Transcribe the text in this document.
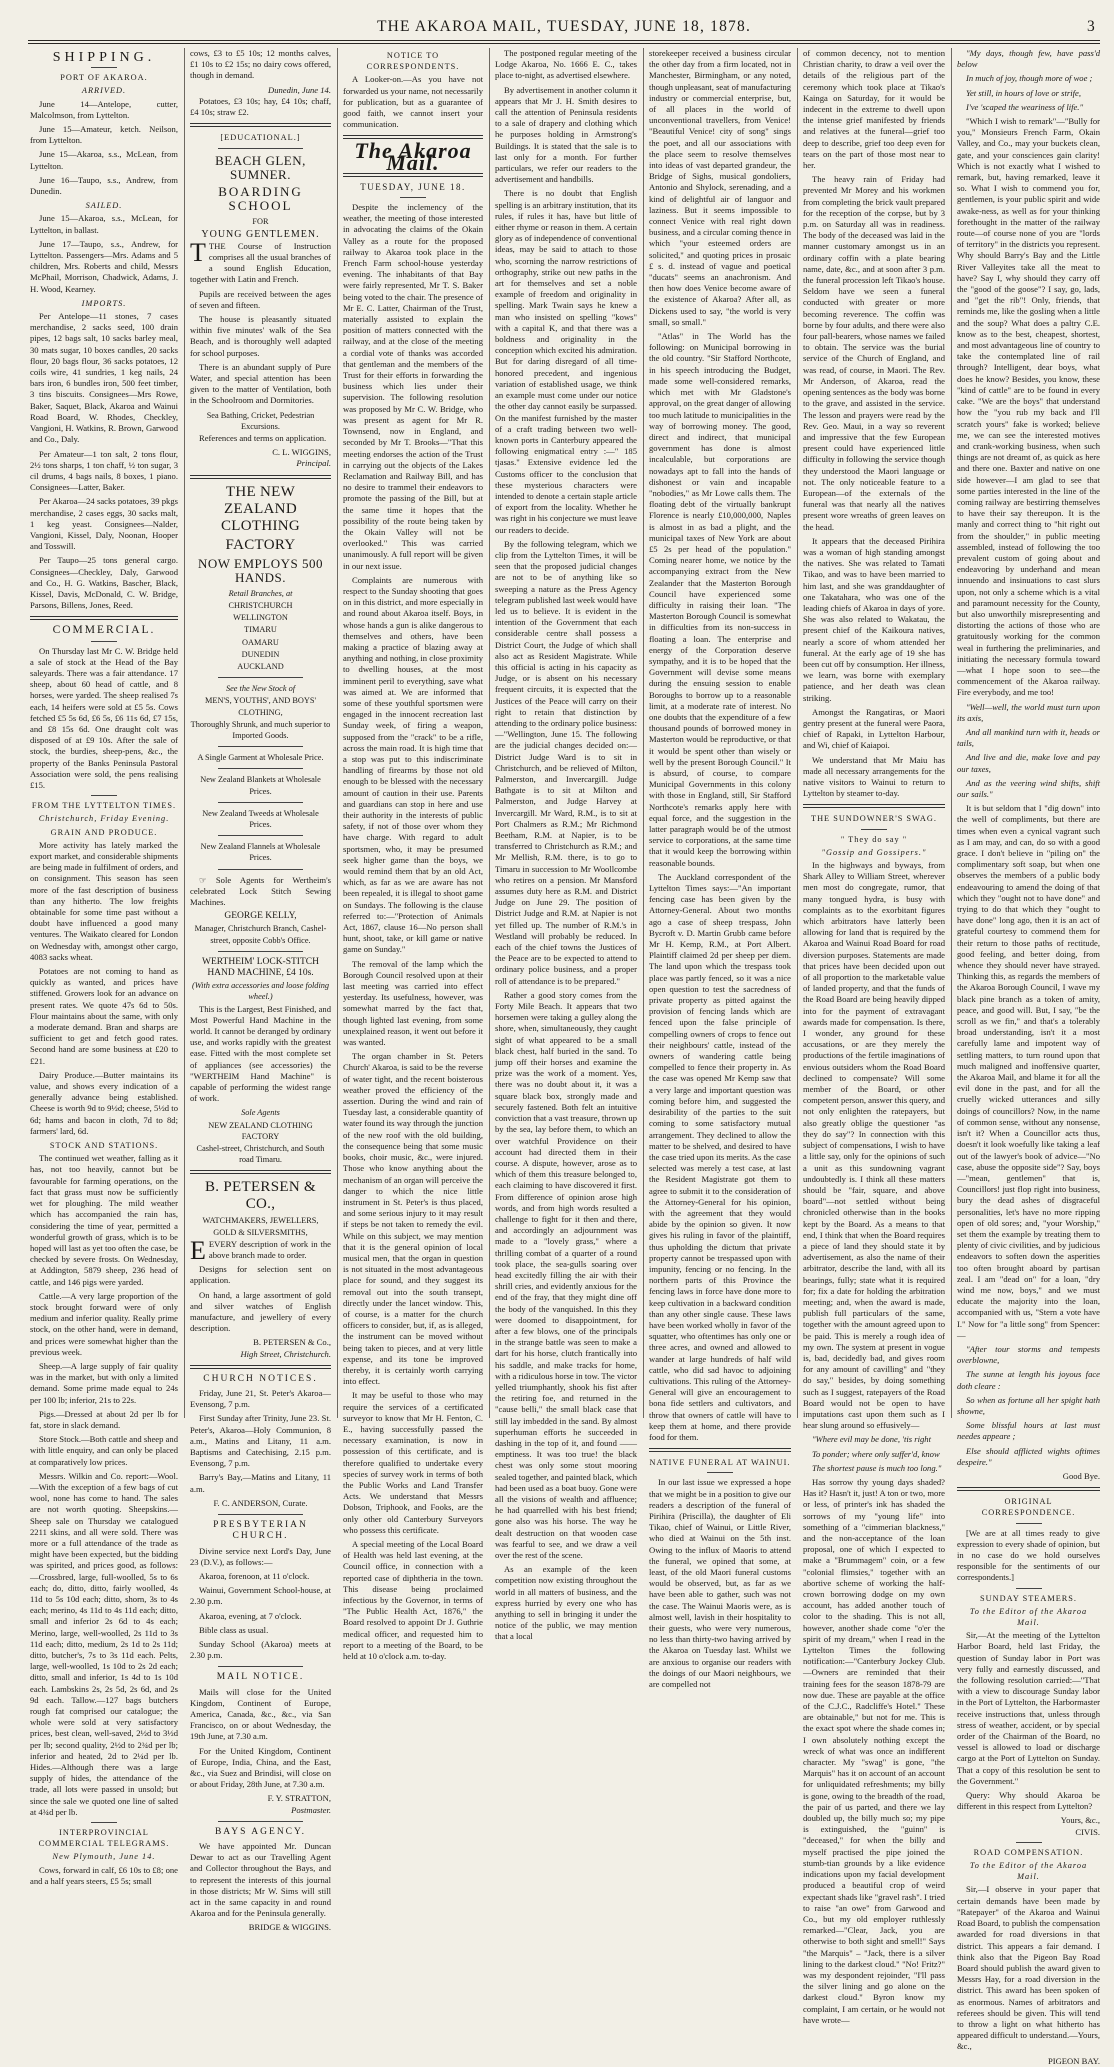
THE AKAROA MAIL, TUESDAY, JUNE 18, 1878.	3
SHIPPING.
PORT OF AKAROA.
ARRIVED.

June 14—Antelope, cutter, Malcolmson, from Lyttelton.

June 15—Amateur, ketch. Neilson, from Lyttelton.

June 15—Akaroa, s.s., McLean, from Lyttelton.

June 16—Taupo, s.s., Andrew, from Dunedin.

SAILED.

June 15—Akaroa, s.s., McLean, for Lyttelton, in ballast.

June 17—Taupo, s.s., Andrew, for Lyttelton. Passengers—Mrs. Adams and 5 children, Mrs. Roberts and child, Messrs McPhail, Morrison, Chadwick, Adams, J. H. Wood, Kearney.

IMPORTS.

Per Antelope—11 stones, 7 cases merchandise, 2 sacks seed, 100 drain pipes, 12 bags salt, 10 sacks barley meal, 30 mats sugar, 10 boxes candles, 20 sacks flour, 20 bags flour, 36 sacks potatoes, 12 coils wire, 41 sundries, 1 keg nails, 24 bars iron, 6 bundles iron, 500 feet timber, 3 tins biscuits. Consignees—Mrs Rowe, Baker, Saquet, Black, Akaroa and Wainui Road Board, W. Rhodes, Checkley, Vangioni, H. Watkins, R. Brown, Garwood and Co., Daly.

Per Amateur—1 ton salt, 2 tons flour, 2½ tons sharps, 1 ton chaff, ½ ton sugar, 3 cil drums, 4 bags nails, 8 boxes, 1 piano. Consignees—Latter, Baker.

Per Akaroa—24 sacks potatoes, 39 pkgs merchandise, 2 cases eggs, 30 sacks malt, 1 keg yeast. Consignees—Nalder, Vangioni, Kissel, Daly, Noonan, Hooper and Tosswill.

Per Taupo—25 tons general cargo. Consignees—Checkley, Daly, Garwood and Co., H. G. Watkins, Bascher, Black, Kissel, Davis, McDonald, C. W. Bridge, Parsons, Billens, Jones, Reed.

COMMERCIAL.

On Thursday last Mr C. W. Bridge held a sale of stock at the Head of the Bay saleyards. There was a fair attendance. 17 sheep, about 60 head of cattle, and 8 horses, were yarded. The sheep realised 7s each, 14 heifers were sold at £5 5s. Cows fetched £5 5s 6d, £6 5s, £6 11s 6d, £7 15s, and £8 15s 6d. One draught colt was disposed of at £9 10s. After the sale of stock, the burdies, sheep-pens, &c., the property of the Banks Peninsula Pastoral Association were sold, the pens realising £15.

FROM THE LYTTELTON TIMES.
Christchurch, Friday Evening.
GRAIN AND PRODUCE.

More activity has lately marked the export market, and considerable shipments are being made in fulfilment of orders, and on consignment. This season has seen more of the fast description of business than any hitherto. The low freights obtainable for some time past without a doubt have influenced a good many ventures. The Waikato cleared for London on Wednesday with, amongst other cargo, 4083 sacks wheat.

Potatoes are not coming to hand as quickly as wanted, and prices have stiffened. Growers look for an advance on present rates. We quote 47s 6d to 50s. Flour maintains about the same, with only a moderate demand. Bran and sharps are sufficient to get and fetch good rates. Second hand are some business at £20 to £21.

Dairy Produce.—Butter maintains its value, and shows every indication of a generally advance being established. Cheese is worth 9d to 9½d; cheese, 5½d to 6d; hams and bacon in cloth, 7d to 8d; farmers' lard, 6d.

STOCK AND STATIONS.

The continued wet weather, falling as it has, not too heavily, cannot but be favourable for farming operations, on the fact that grass must now be sufficiently wet for ploughing. The mild weather which has accompanied the rain has, considering the time of year, permitted a wonderful growth of grass, which is to be hoped will last as yet too often the case, be checked by severe frosts. On Wednesday, at Addington, 5879 sheep, 236 head of cattle, and 146 pigs were yarded.

Cattle.—A very large proportion of the stock brought forward were of only medium and inferior quality. Really prime stock, on the other hand, were in demand, and prices were somewhat higher than the previous week.

Sheep.—A large supply of fair quality was in the market, but with only a limited demand. Some prime made equal to 24s per 100 lb; inferior, 21s to 22s.

Pigs.—Dressed at about 2d per lb for fat, store in slack demand.

Store Stock.—Both cattle and sheep and with little enquiry, and can only be placed at comparatively low prices.

Messrs. Wilkin and Co. report:—Wool.—With the exception of a few bags of cut wool, none has come to hand. The sales are not worth quoting. Sheepskins.—Sheep sale on Thursday we catalogued 2211 skins, and all were sold. There was more or a full attendance of the trade as might have been expected, but the bidding was spirited, and prices good, as follows:—Crossbred, large, full-woolled, 5s to 6s each; do, ditto, ditto, fairly woolled, 4s 11d to 5s 10d each; ditto, shorn, 3s to 4s each; merino, 4s 11d to 4s 11d each; ditto, small and inferior 2s 6d to 4s each; Merino, large, well-woolled, 2s 11d to 3s 11d each; ditto, medium, 2s 1d to 2s 11d; ditto, butcher's, 7s to 3s 11d each. Pelts, large, well-woolled, 1s 10d to 2s 2d each; ditto, small and inferior, 1s 4d to 1s 10d each. Lambskins 2s, 2s 5d, 2s 6d, and 2s 9d each. Tallow.—127 bags butchers rough fat comprised our catalogue; the whole were sold at very satisfactory prices, best clean, well-saved, 2½d to 3½d per lb; second quality, 2½d to 2¾d per lb; inferior and heated, 2d to 2¼d per lb. Hides.—Although there was a large supply of hides, the attendance of the trade, all lots were passed in unsold; but since the sale we quoted one line of salted at 4¾d per lb.

INTERPROVINCIAL COMMERCIAL TELEGRAMS.
New Plymouth, June 14.

Cows, forward in calf, £6 10s to £8; one and a half years steers, £5 5s; small

cows, £3 to £5 10s; 12 months calves, £1 10s to £2 15s; no dairy cows offered, though in demand.

Dunedin, June 14.

Potatoes, £3 10s; hay, £4 10s; chaff, £4 10s; straw £2.

[EDUCATIONAL.]
BEACH GLEN, SUMNER.
BOARDING SCHOOL
FOR
YOUNG GENTLEMEN.

TTHE Course of Instruction comprises all the usual branches of a sound English Education, together with Latin and French.

Pupils are received between the ages of seven and fifteen.

The house is pleasantly situated within five minutes' walk of the Sea Beach, and is thoroughly well adapted for school purposes.

There is an abundant supply of Pure Water, and special attention has been given to the matter of Ventilation, both in the Schoolroom and Dormitories.

Sea Bathing, Cricket, Pedestrian Excursions.

References and terms on application.

C. L. WIGGINS,
Principal.
THE NEW ZEALAND CLOTHING
FACTORY
NOW EMPLOYS 500 HANDS.
Retail Branches, at
CHRISTCHURCH
WELLINGTON
TIMARU
OAMARU
DUNEDIN
AUCKLAND
See the New Stock of
MEN'S, YOUTHS', AND BOYS' CLOTHING,
Thoroughly Shrunk, and much superior to Imported Goods.
A Single Garment at Wholesale Price.
New Zealand Blankets at Wholesale Prices.
New Zealand Tweeds at Wholesale Prices.
New Zealand Flannels at Wholesale Prices.

☞ Sole Agents for Wertheim's celebrated Lock Stitch Sewing Machines.

GEORGE KELLY,
Manager, Christchurch Branch, Cashel-street, opposite Cobb's Office.
WERTHEIM' LOCK-STITCH HAND MACHINE, £4 10s.
(With extra accessories and loose folding wheel.)

This is the Largest, Best Finished, and Most Powerful Hand Machine in the world. It cannot be deranged by ordinary use, and works rapidly with the greatest ease. Fitted with the most complete set of appliances (see accessories) the "WERTHEIM Hand Machine" is capable of performing the widest range of work.

Sole Agents
NEW ZEALAND CLOTHING FACTORY
Cashel-street, Christchurch, and South road Timaru.
B. PETERSEN & CO.,
WATCHMAKERS, JEWELLERS, GOLD & SILVERSMITHS,

EEVERY description of work in the above branch made to order.

Designs for selection sent on application.

On hand, a large assortment of gold and silver watches of English manufacture, and jewellery of every description.

B. PETERSEN & Co.,
High Street, Christchurch.
CHURCH NOTICES.

Friday, June 21, St. Peter's Akaroa—Evensong, 7 p.m.

First Sunday after Trinity, June 23. St. Peter's, Akaroa—Holy Communion, 8 a.m., Matins and Litany, 11 a.m. Baptisms and Catechising, 2.15 p.m. Evensong, 7 p.m.

Barry's Bay,—Matins and Litany, 11 a.m.

F. C. ANDERSON, Curate.
PRESBYTERIAN CHURCH.

Divine service next Lord's Day, June 23 (D.V.), as follows:—

Akaroa, forenoon, at 11 o'clock.

Wainui, Government School-house, at 2.30 p.m.

Akaroa, evening, at 7 o'clock.

Bible class as usual.

Sunday School (Akaroa) meets at 2.30 p.m.

MAIL NOTICE.

Mails will close for the United Kingdom, Continent of Europe, America, Canada, &c., &c., via San Francisco, on or about Wednesday, the 19th June, at 7.30 a.m.

For the United Kingdom, Continent of Europe, India, China, and the East, &c., via Suez and Brindisi, will close on or about Friday, 28th June, at 7.30 a.m.

F. Y. STRATTON,
Postmaster.
BAYS AGENCY.

We have appointed Mr. Duncan Dewar to act as our Travelling Agent and Collector throughout the Bays, and to represent the interests of this journal in those districts; Mr W. Sims will still act in the same capacity in and round Akaroa and for the Peninsula generally.

BRIDGE & WIGGINS.
NOTICE TO CORRESPONDENTS.

A Looker-on.—As you have not forwarded us your name, not necessarily for publication, but as a guarantee of good faith, we cannot insert your communication.

The Akaroa Mail.
TUESDAY, JUNE 18.

Despite the inclemency of the weather, the meeting of those interested in advocating the claims of the Okain Valley as a route for the proposed railway to Akaroa took place in the French Farm school-house yesterday evening. The inhabitants of that Bay were fairly represented, Mr T. S. Baker being voted to the chair. The presence of Mr E. C. Latter, Chairman of the Trust, materially assisted to explain the position of matters connected with the railway, and at the close of the meeting a cordial vote of thanks was accorded that gentleman and the members of the Trust for their efforts in forwarding the business which lies under their supervision. The following resolution was proposed by Mr C. W. Bridge, who was present as agent for Mr R. Townsend, now in England, and seconded by Mr T. Brooks—"That this meeting endorses the action of the Trust in carrying out the objects of the Lakes Reclamation and Railway Bill, and has no desire to trammel their endeavors to promote the passing of the Bill, but at the same time it hopes that the possibility of the route being taken by the Okain Valley will not be overlooked." This was carried unanimously. A full report will be given in our next issue.

Complaints are numerous with respect to the Sunday shooting that goes on in this district, and more especially in and round about Akaroa itself. Boys, in whose hands a gun is alike dangerous to themselves and others, have been making a practice of blazing away at anything and nothing, in close proximity to dwelling houses, at the most imminent peril to everything, save what was aimed at. We are informed that some of these youthful sportsmen were engaged in the innocent recreation last Sunday week, of firing a weapon, supposed from the "crack" to be a rifle, across the main road. It is high time that a stop was put to this indiscriminate handling of firearms by those not old enough to be blessed with the necessary amount of caution in their use. Parents and guardians can stop in here and use their authority in the interests of public safety, if not of those over whom they have charge. With regard to adult sportsmen, who, it may be presumed seek higher game than the boys, we would remind them that by an old Act, which, as far as we are aware has not been repealed, it is illegal to shoot game on Sundays. The following is the clause referred to:—"Protection of Animals Act, 1867, clause 16—No person shall hunt, shoot, take, or kill game or native game on Sunday."

The removal of the lamp which the Borough Council resolved upon at their last meeting was carried into effect yesterday. Its usefulness, however, was somewhat marred by the fact that, though lighted last evening, from some unexplained reason, it went out before it was wanted.

The organ chamber in St. Peters Church' Akaroa, is said to be the reverse of water tight, and the recent boisterous weather proved the efficiency of the assertion. During the wind and rain of Tuesday last, a considerable quantity of water found its way through the junction of the new roof with the old building, the consequence being that some music books, choir music, &c., were injured. Those who know anything about the mechanism of an organ will perceive the danger to which the nice little instrument in St. Peter's is thus placed, and some serious injury to it may result if steps be not taken to remedy the evil. While on this subject, we may mention that it is the general opinion of local musical men, that the organ in question is not situated in the most advantageous place for sound, and they suggest its removal out into the south transept, directly under the lancet window. This, of course, is a matter for the church officers to consider, but, if, as is alleged, the instrument can be moved without being taken to pieces, and at very little expense, and its tone be improved thereby, it is certainly worth carrying into effect.

It may be useful to those who may require the services of a certificated surveyor to know that Mr H. Fenton, C. E., having successfully passed the necessary examination, is now in possession of this certificate, and is therefore qualified to undertake every species of survey work in terms of both the Public Works and Land Transfer Acts. We understand that Messrs Dobson, Triphook, and Fooks, are the only other old Canterbury Surveyors who possess this certificate.

A special meeting of the Local Board of Health was held last evening, at the Council office, in connection with a reported case of diphtheria in the town. This disease being proclaimed infectious by the Governor, in terms of "The Public Health Act, 1876," the Board resolved to appoint Dr J. Guthrie medical officer, and requested him to report to a meeting of the Board, to be held at 10 o'clock a.m. to-day.

The postponed regular meeting of the Lodge Akaroa, No. 1666 E. C., takes place to-night, as advertised elsewhere.

By advertisement in another column it appears that Mr J. H. Smith desires to call the attention of Peninsula residents to a sale of drapery and clothing which he purposes holding in Armstrong's Buildings. It is stated that the sale is to last only for a month. For further particulars, we refer our readers to the advertisement and handbills.

There is no doubt that English spelling is an arbitrary institution, that its rules, if rules it has, have but little of either rhyme or reason in them. A certain glory as of independence of conventional ideas, may be said to attach to those who, scorning the narrow restrictions of orthography, strike out new paths in the art for themselves and set a noble example of freedom and originality in spelling. Mark Twain says he knew a man who insisted on spelling "kows" with a capital K, and that there was a boldness and originality in the conception which excited his admiration. But for daring disregard of all time-honored precedent, and ingenious variation of established usage, we think an example must come under our notice the other day cannot easily be surpassed. On the manifest furnished by the master of a craft trading between two well-known ports in Canterbury appeared the following enigmatical entry :—" 185 tjasas." Extensive evidence led the Customs officer to the conclusion that these mysterious characters were intended to denote a certain staple article of export from the locality. Whether he was right in his conjecture we must leave our readers to decide.

By the following telegram, which we clip from the Lyttelton Times, it will be seen that the proposed judicial changes are not to be of anything like so sweeping a nature as the Press Agency telegram published last week would have led us to believe. It is evident in the intention of the Government that each considerable centre shall possess a District Court, the Judge of which shall also act as Resident Magistrate. While this official is acting in his capacity as Judge, or is absent on his necessary frequent circuits, it is expected that the Justices of the Peace will carry on their right to retain that distinction by attending to the ordinary police business:—"Wellington, June 15. The following are the judicial changes decided on:—District Judge Ward is to sit in Christchurch, and be relieved of Milton, Palmerston, and Invercargill. Judge Bathgate is to sit at Milton and Palmerston, and Judge Harvey at Invercargill. Mr Ward, R.M., is to sit at Port Chalmers as R.M.; Mr Richmond Beetham, R.M. at Napier, is to be transferred to Christchurch as R.M.; and Mr Mellish, R.M. there, is to go to Timaru in succession to Mr Woollcombe who retires on a pension. Mr Mansford assumes duty here as R.M. and District Judge on June 29. The position of District Judge and R.M. at Napier is not yet filled up. The number of R.M.'s in Westland will probably be reduced. In each of the chief towns the Justices of the Peace are to be expected to attend to ordinary police business, and a proper roll of attendance is to be prepared."

Rather a good story comes from the Forty Mile Beach. It appears that two horsemen were taking a gulley along the shore, when, simultaneously, they caught sight of what appeared to be a small black chest, half buried in the sand. To jump off their horses and examine the prize was the work of a moment. Yes, there was no doubt about it, it was a square black box, strongly made and securely fastened. Both felt an intuitive conviction that a vast treasure, thrown up by the sea, lay before them, to which an over watchful Providence on their account had directed them in their course. A dispute, however, arose as to which of them this treasure belonged to, each claiming to have discovered it first. From difference of opinion arose high words, and from high words resulted a challenge to fight for it then and there, and accordingly an adjournment was made to a "lovely grass," where a thrilling combat of a quarter of a round took place, the sea-gulls soaring over head excitedly filling the air with their shrill cries, and evidently anxious for the end of the fray, that they might dine off the body of the vanquished. In this they were doomed to disappointment, for after a few blows, one of the principals in the strange battle was seen to make a dart for his horse, clutch frantically into his saddle, and make tracks for home, with a ridiculous horse in tow. The victor yelled triumphantly, shook his fist after the retiring foe, and returned in the "cause belli," the small black case that still lay imbedded in the sand. By almost superhuman efforts he succeeded in dashing in the top of it, and found —— emptiness. It was too true! the black chest was only some stout mooring sealed together, and painted black, which had been used as a boat buoy. Gone were all the visions of wealth and affluence; he had quarrelled with his best friend; gone also was his horse. The way he dealt destruction on that wooden case was fearful to see, and we draw a veil over the rest of the scene.

As an example of the keen competition now existing throughout the world in all matters of business, and the express hurried by every one who has anything to sell in bringing it under the notice of the public, we may mention that a local

storekeeper received a business circular the other day from a firm located, not in Manchester, Birmingham, or any noted, though unpleasant, seat of manufacturing industry or commercial enterprise, but, of all places in the world of unconventional travellers, from Venice! "Beautiful Venice! city of song" sings the poet, and all our associations with the place seem to resolve themselves into ideas of vast departed grandeur, the Bridge of Sighs, musical gondoliers, Antonio and Shylock, serenading, and a kind of delightful air of languor and laziness. But it seems impossible to connect Venice with real right down business, and a circular coming thence in which "your esteemed orders are solicited," and quoting prices in prosaic £ s. d. instead of vague and poetical "ducats" seems an anachronism. And then how does Venice become aware of the existence of Akaroa? After all, as Dickens used to say, "the world is very small, so small."

"Atlas" in The World has the following: on Municipal borrowing in the old country. "Sir Stafford Northcote, in his speech introducing the Budget, made some well-considered remarks, which met with Mr Gladstone's approval, on the great danger of allowing too much latitude to municipalities in the way of borrowing money. The good, direct and indirect, that municipal government has done is almost incalculable, but corporations are nowadays apt to fall into the hands of dishonest or vain and incapable "nobodies," as Mr Lowe calls them. The floating debt of the virtually bankrupt Florence is nearly £10,000,000, Naples is almost in as bad a plight, and the municipal taxes of New York are about £5 2s per head of the population." Coming nearer home, we notice by the accompanying extract from the New Zealander that the Masterton Borough Council have experienced some difficulty in raising their loan. "The Masterton Borough Council is somewhat in difficulties from its non-success in floating a loan. The enterprise and energy of the Corporation deserve sympathy, and it is to be hoped that the Government will devise some means during the ensuing session to enable Boroughs to borrow up to a reasonable limit, at a moderate rate of interest. No one doubts that the expenditure of a few thousand pounds of borrowed money in Masterton would be reproductive, or that it would be spent other than wisely or well by the present Borough Council." It is absurd, of course, to compare Municipal Governments in this colony with those in England, still, Sir Stafford Northcote's remarks apply here with equal force, and the suggestion in the latter paragraph would be of the utmost service to corporations, at the same time that it would keep the borrowing within reasonable bounds.

The Auckland correspondent of the Lyttelton Times says:—"An important fencing case has been given by the Attorney-General. About two months ago a case of sheep trespass, John Bycroft v. D. Martin Grubb came before Mr H. Kemp, R.M., at Port Albert. Plaintiff claimed 2d per sheep per diem. The land upon which the trespass took place was partly fenced, so it was a nice open question to test the sacredness of private property as pitted against the provision of fencing lands which are fenced upon the false principle of compelling owners of crops to fence out their neighbours' cattle, instead of the owners of wandering cattle being compelled to fence their property in. As the case was opened Mr Kemp saw that a very large and important question was coming before him, and suggested the desirability of the parties to the suit coming to some satisfactory mutual arrangement. They declined to allow the matter to be shelved, and desired to have the case tried upon its merits. As the case selected was merely a test case, at last the Resident Magistrate got them to agree to submit it to the consideration of the Attorney-General for his opinion, with the agreement that they would abide by the opinion so given. It now gives his ruling in favor of the plaintiff, thus upholding the dictum that private property cannot be trespassed upon with impunity, fencing or no fencing. In the northern parts of this Province the fencing laws in force have done more to keep cultivation in a backward condition than any other single cause. These laws have been worked wholly in favor of the squatter, who oftentimes has only one or three acres, and owned and allowed to wander at large hundreds of half wild cattle, who did sad havoc to adjoining cultivations. This ruling of the Attorney-General will give an encouragement to bona fide settlers and cultivators, and throw that owners of cattle will have to keep them at home, and there provide food for them.

NATIVE FUNERAL AT WAINUI.

In our last issue we expressed a hope that we might be in a position to give our readers a description of the funeral of Pirihira (Priscilla), the daughter of Eli Tikao, chief of Wainui, or Little River, who died at Wainui on the 5th inst. Owing to the influx of Maoris to attend the funeral, we opined that some, at least, of the old Maori funeral customs would be observed, but, as far as we have been able to gather, such was not the case. The Wainui Maoris were, as is almost well, lavish in their hospitality to their guests, who were very numerous, no less than thirty-two having arrived by the Akaroa on Tuesday last. Whilst we are anxious to organise our readers with the doings of our Maori neighbours, we are compelled not

of common decency, not to mention Christian charity, to draw a veil over the details of the religious part of the ceremony which took place at Tikao's Kainga on Saturday, for it would be indecent in the extreme to dwell upon the intense grief manifested by friends and relatives at the funeral—grief too deep to describe, grief too deep even for tears on the part of those most near to her.

The heavy rain of Friday had prevented Mr Morey and his workmen from completing the brick vault prepared for the reception of the corpse, but by 3 p.m. on Saturday all was in readiness. The body of the deceased was laid in the manner customary amongst us in an ordinary coffin with a plate bearing name, date, &c., and at soon after 3 p.m. the funeral procession left Tikao's house. Seldom have we seen a funeral conducted with greater or more becoming reverence. The coffin was borne by four adults, and there were also four pall-bearers, whose names we failed to obtain. The service was the burial service of the Church of England, and was read, of course, in Maori. The Rev. Mr Anderson, of Akaroa, read the opening sentences as the body was borne to the grave, and assisted in the service. The lesson and prayers were read by the Rev. Geo. Maui, in a way so reverent and impressive that the few European present could have experienced little difficulty in following the service though they understood the Maori language or not. The only noticeable feature to a European—of the externals of the funeral was that nearly all the natives present wore wreaths of green leaves on the head.

It appears that the deceased Pirihira was a woman of high standing amongst the natives. She was related to Tamati Tikao, and was to have been married to him last, and she was granddaughter of one Takatahara, who was one of the leading chiefs of Akaroa in days of yore. She was also related to Wakatau, the present chief of the Kaikoura natives, nearly a score of whom attended her funeral. At the early age of 19 she has been cut off by consumption. Her illness, we learn, was borne with exemplary patience, and her death was clean striking.

Amongst the Rangatiras, or Maori gentry present at the funeral were Paora, chief of Rapaki, in Lyttelton Harbour, and Wi, chief of Kaiapoi.

We understand that Mr Maiu has made all necessary arrangements for the native visitors to Wainui to return to Lyttelton by steamer to-day.

THE SUNDOWNER'S SWAG.
" They do say "
"Gossip and Gossipers."

In the highways and byways, from Shark Alley to William Street, wherever men most do congregate, rumor, that many tongued hydra, is busy with complaints as to the exorbitant figures which arbitrators have latterly been allowing for land that is required by the Akaroa and Wainui Road Board for road diversion purposes. Statements are made that prices have been decided upon out of all proportion to the marketable value of landed property, and that the funds of the Road Board are being heavily dipped into for the payment of extravagant awards made for compensation. Is there, I wonder, any ground for these accusations, or are they merely the productions of the fertile imaginations of envious outsiders whom the Road Board declined to compensate? Will some member of the Board, or other competent person, answer this query, and not only enlighten the ratepayers, but also greatly oblige the questioner "as they do say"? In connection with this subject of compensations, I wish to have a little say, only for the opinions of such a unit as this sundowning vagrant undoubtedly is. I think all these matters should be "fair, square, and above board"—not settled without being chronicled otherwise than in the books kept by the Board. As a means to that end, I think that when the Board requires a piece of land they should state it by advertisement, as also the name of their arbitrator, describe the land, with all its bearings, fully; state what it is required for; fix a date for holding the arbitration meeting; and, when the award is made, publish full particulars of the same, together with the amount agreed upon to be paid. This is merely a rough idea of my own. The system at present in vogue is, bad, decidedly bad, and gives room for any amount of cavilling" and "they do say," besides, by doing something such as I suggest, ratepayers of the Road Board would not be open to have imputations cast upon them such as I hear slung around so effusively—

"Where evil may be done, 'tis right

To ponder; where only suffer'd, know

The shortest pause is much too long."

Has sorrow thy young days shaded? Has it? Hasn't it, just! A ton or two, more or less, of printer's ink has shaded the sorrows of my "young life" into something of a "cimmerian blackness," and the non-acceptance of the loan proposal, one of which I expected to make a "Brummagem" coin, or a few "colonial flimsies," together with an abortive scheme of working the half-crown borrowing dodge on my own account, has added another touch of color to the shading. This is not all, however, another shade come "o'er the spirit of my dream," when I read in the Lyttelton Times the following notification:—"Canterbury Jockey Club.—Owners are reminded that their training fees for the season 1878-79 are now due. These are payable at the office of the C.J.C., Radcliffe's Hotel." These are obtainable," but not for me. This is the exact spot where the shade comes in; I own absolutely nothing except the wreck of what was once an indifferent character. My "swag" is gone, "the Marquis" has it on account of an account for unliquidated refreshments; my billy is gone, owing to the breadth of the road, the pair of us parted, and there we lay doubled up, the billy much so; my pipe is extinguished, the "guinn" is "deceased," for when the billy and myself practised the pipe joined the stumb-tian grounds by a like evidence indications upon my facial development produced a beautiful crop of weird expectant shads like "gravel rash". I tried to raise "an owe" from Garwood and Co., but my old employer ruthlessly remarked—"Clear, Jack, you are otherwise to both sight and smell!" Says "the Marquis" – "Jack, there is a silver lining to the darkest cloud." "No! Fritz?" was my despondent rejoinder, "I'll pass the silver lining and go alone on the darkest cloud." Byron know my complaint, I am certain, or he would not have wrote—

"My days, though few, have pass'd below

In much of joy, though more of woe ;

Yet still, in hours of love or strife,

I've 'scaped the weariness of life."

"Which I wish to remark"—"Bully for you," Monsieurs French Farm, Okain Valley, and Co., may your buckets clean, gate, and your consciences gain clarity! Which is not exactly what I wished to remark, but, having remarked, leave it so. What I wish to commend you for, gentlemen, is your public spirit and wide awake-ness, as well as for your thinking forethought in the matter of the railway route—of course none of you are "lords of territory" in the districts you represent. Why should Barry's Bay and the Little River Valleyites take all the meat to have? Say I, why should they carry off the "good of the goose"? I say, go, lads, and "get the rib"! Only, friends, that reminds me, like the gosling when a little and the soup? What does a paltry C.E. know as to the best, cheapest, shortest, and most advantageous line of country to take the contemplated line of rail through? Intelligent, dear boys, what does he know? Besides, you know, these "kind of cattle" are to be found in every cake. "We are the boys" that understand how the "you rub my back and I'll scratch yours" fake is worked; believe me, we can see the interested motives and crank-working business, when such things are not dreamt of, as quick as here and there one. Baxter and native on one side however—I am glad to see that some parties interested in the line of the coming railway are bestirring themselves to have their say thereupon. It is the manly and correct thing to "hit right out from the shoulder," in public meeting assembled, instead of following the too prevalent custom of going about and endeavoring by underhand and mean innuendo and insinuations to cast slurs upon, not only a scheme which is a vital and paramount necessity for the County, but also unworthily misrepresenting and distorting the actions of those who are gratuitously working for the common weal in furthering the preliminaries, and initiating the necessary formula toward—what I hope soon to see—the commencement of the Akaroa railway. Fire everybody, and me too!

"Well—well, the world must turn upon its axis,

And all mankind turn with it, heads or tails,

And live and die, make love and pay our taxes,

And as the veering wind shifts, shift our sails."

It is but seldom that I "dig down" into the well of compliments, but there are times when even a cynical vagrant such as I am may, and can, do so with a good grace. I don't believe in "piling on" the complimentary soft soap, but when one observes the members of a public body endeavouring to amend the doing of that which they "ought not to have done" and trying to do that which they "ought to have done" long ago, then it is an act of grateful courtesy to commend them for their return to those paths of rectitude, good feeling, and better doing, from whence they should never have strayed. Thinking this, as regards the members of the Akaroa Borough Council, I wave my black pine branch as a token of amity, peace, and good will. But, I say, "be the scroll as we fin," and that's a tolerably broad understanding, isn't it a most carefully lame and impotent way of settling matters, to turn round upon that much maligned and inoffensive quarter, the Akaroa Mail, and blame it for all the evil done in the past, and for all the cruelly wicked utterances and silly doings of councillors? Now, in the name of common sense, without any nonsense, isn't it? When a Councillor acts thus, doesn't it look woefully like taking a leaf out of the lawyer's book of advice—"No case, abuse the opposite side"? Say, boys —"mean, gentlemen" that is, Councillors! just flop right into business, bury the dead ashes of disgraceful personalities, let's have no more ripping open of old sores; and, "your Worship," set them the example by treating them to plenty of civic civilities, and by judicious endeavors to soften down the asperities too often brought aboard by partisan zeal. I am "dead on" for a loan, "dry wind me now, boys," and we must educate the majority into the loan, accompanied with us, "Stern a vote have I." Now for "a little song" from Spencer:—

"After tour storms and tempests overblowne,

The sunne at length his joyous face doth cleare :

So when as fortune all her spight hath showne,

Some blissful hours at last must needes appeare ;

Else should afflicted wights oftimes despeire."

Good Bye.
ORIGINAL CORRESPONDENCE.

[We are at all times ready to give expression to every shade of opinion, but in no case do we hold ourselves responsible for the sentiments of our correspondents.]

SUNDAY STEAMERS.
To the Editor of the Akaroa Mail.

Sir,—At the meeting of the Lyttelton Harbor Board, held last Friday, the question of Sunday labor in Port was very fully and earnestly discussed, and the following resolution carried:—"That with a view to discourage Sunday labor in the Port of Lyttelton, the Harbormaster receive instructions that, unless through stress of weather, accident, or by special order of the Chairman of the Board, no vessel is allowed to load or discharge cargo at the Port of Lyttelton on Sunday. That a copy of this resolution be sent to the Government."

Query: Why should Akaroa be different in this respect from Lyttelton?

Yours, &c.,
CIVIS.
ROAD COMPENSATION.
To the Editor of the Akaroa Mail.

Sir,—I observe in your paper that certain demands have been made by "Ratepayer" of the Akaroa and Wainui Road Board, to publish the compensation awarded for road diversions in that district. This appears a fair demand. I think also that the Pigeon Bay Road Board should publish the award given to Messrs Hay, for a road diversion in the district. This award has been spoken of as enormous. Names of arbitrators and referees should be given. This will tend to throw a light on what hitherto has appeared difficult to understand.—Yours, &c.,

PIGEON BAY.
